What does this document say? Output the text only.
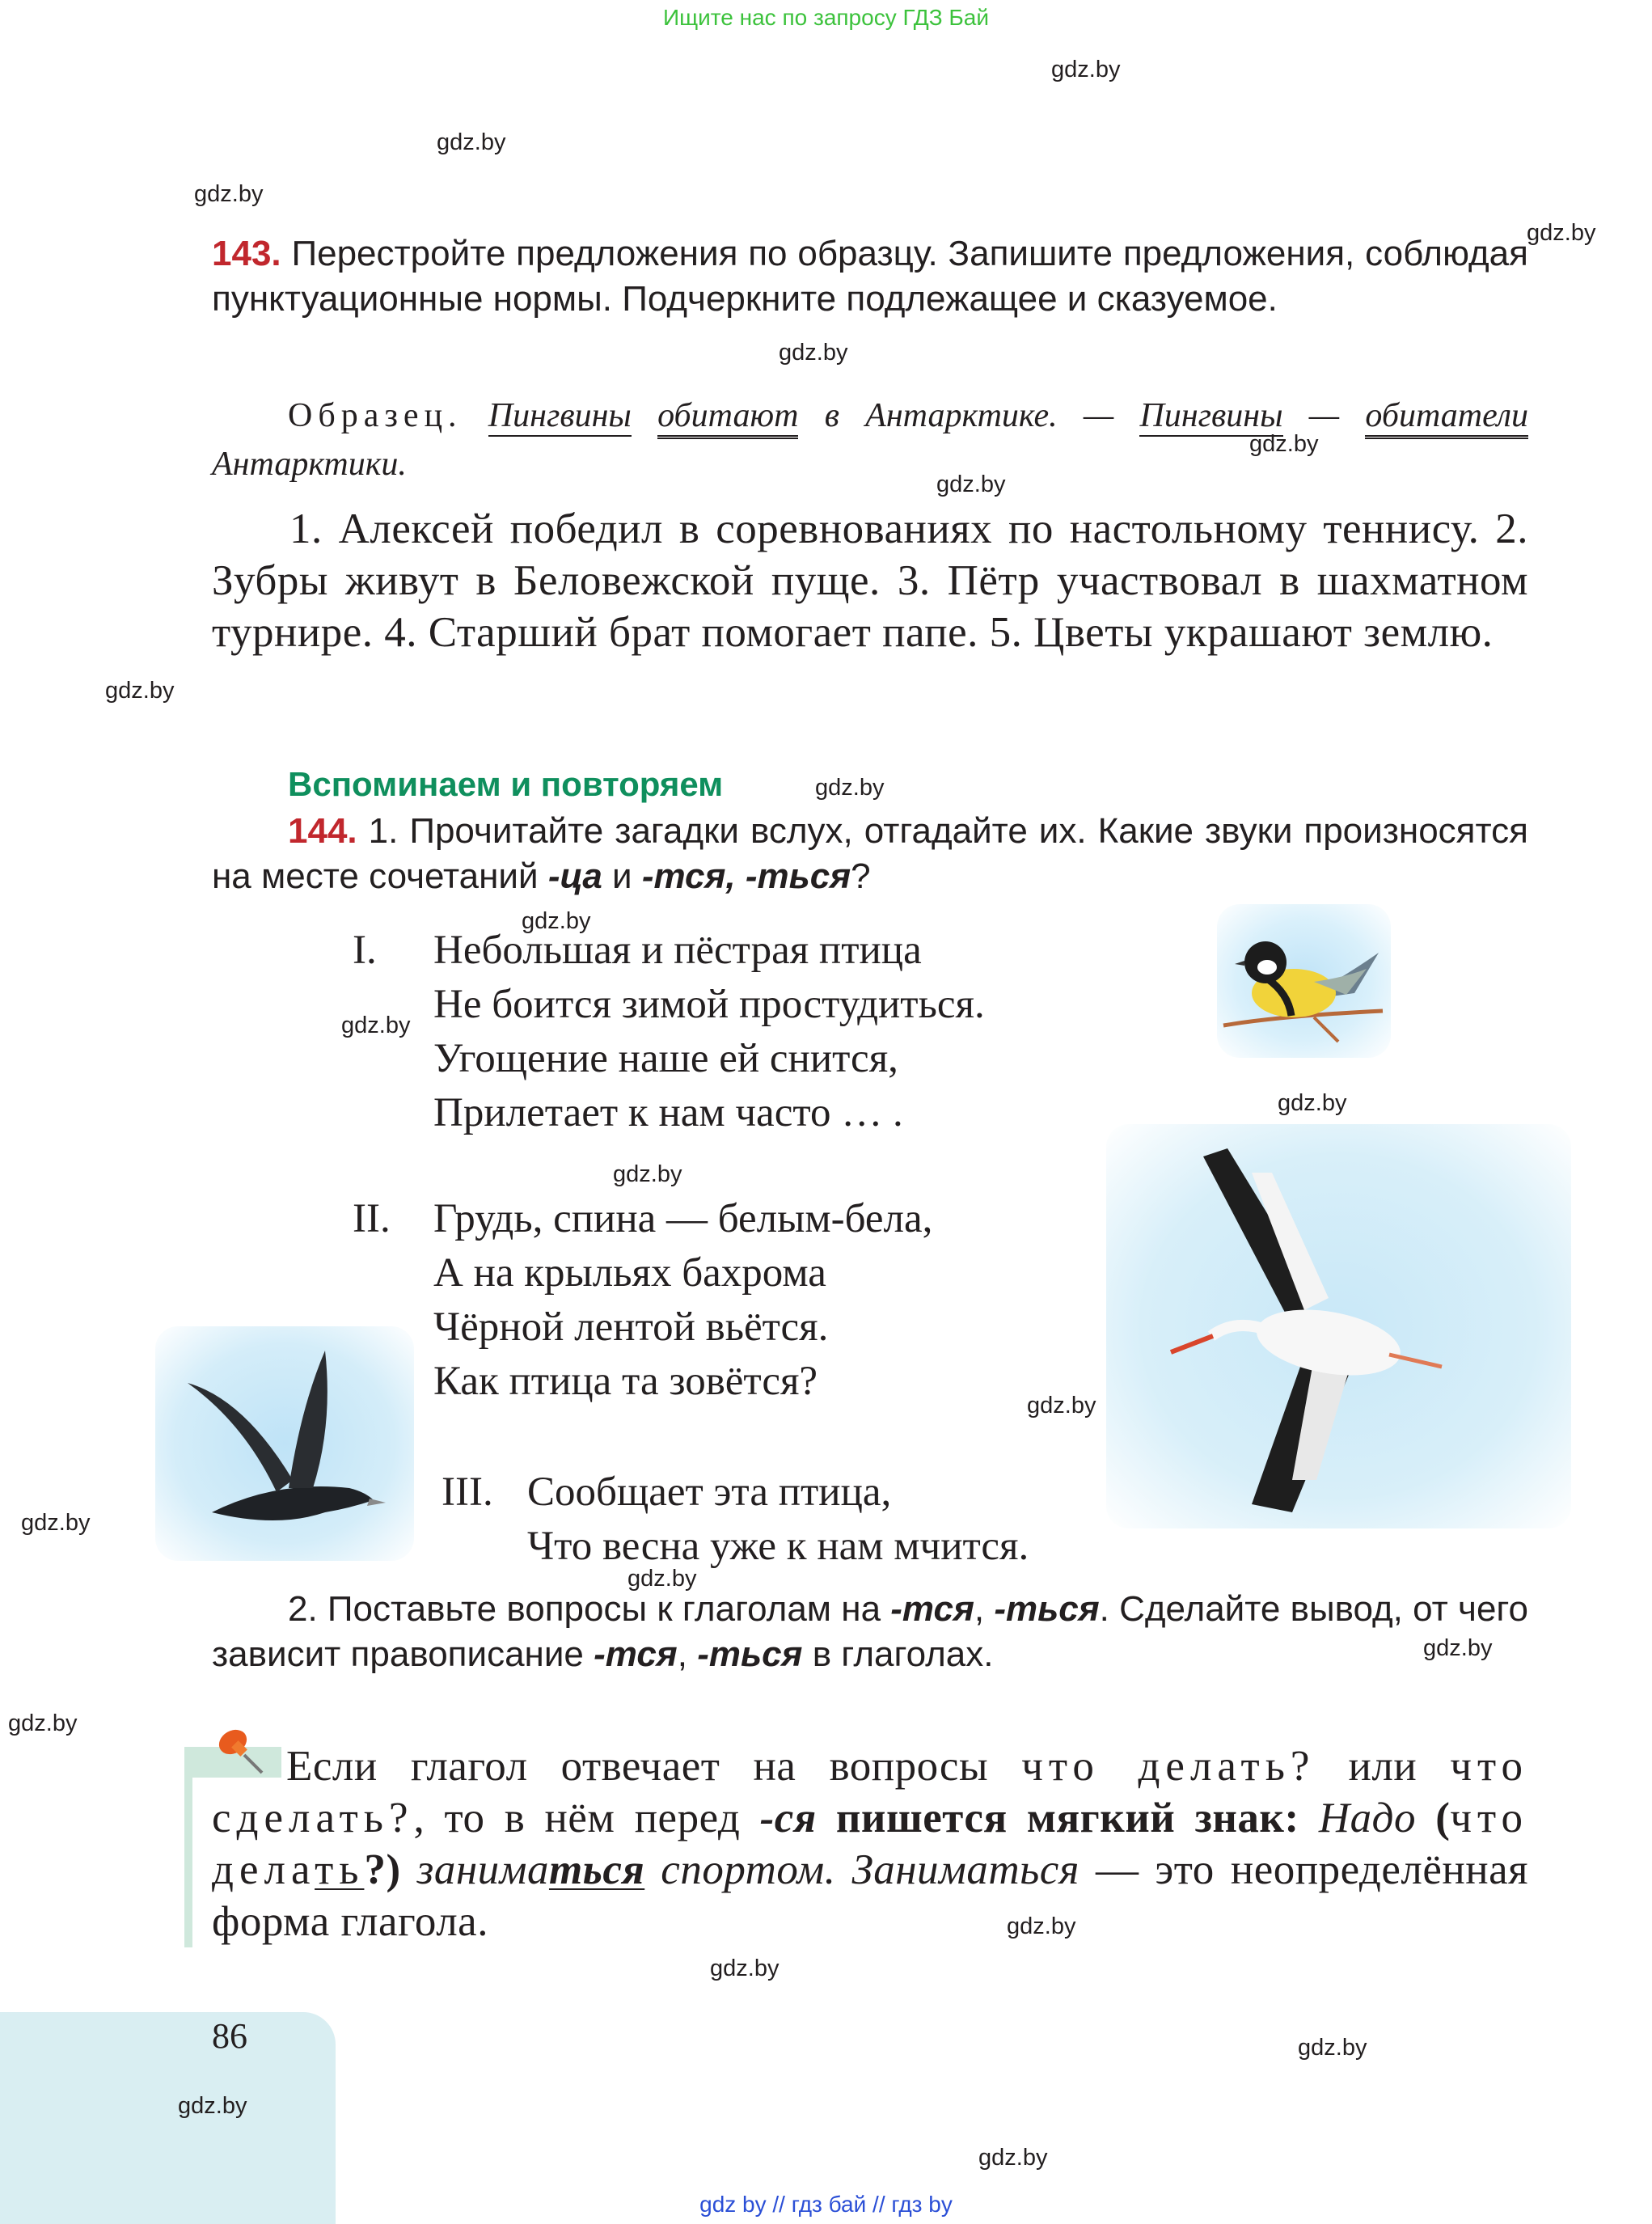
Ищите нас по запросу ГДЗ Бай
gdz by // гдз бай // гдз by
gdz.by
gdz.by
gdz.by
gdz.by
gdz.by
gdz.by
gdz.by
gdz.by
gdz.by
gdz.by
gdz.by
gdz.by
gdz.by
gdz.by
gdz.by
gdz.by
gdz.by
gdz.by
gdz.by
gdz.by
gdz.by
gdz.by
143. Перестройте предложения по образцу. Запишите предложения, соблюдая пунктуационные нормы. Подчеркните подлежащее и сказуемое.
Образец. Пингвины обитают в Антарктике. — Пингвины — обитатели Антарктики.
1. Алексей победил в соревнованиях по настольному теннису. 2. Зубры живут в Беловежской пуще. 3. Пётр участвовал в шахматном турнире. 4. Старший брат помогает папе. 5. Цветы украшают землю.
Вспоминаем и повторяем
144. 1. Прочитайте загадки вслух, отгадайте их. Какие звуки произносятся на месте сочетаний -ца и -тся, -ться?
I. Небольшая и пёстрая птица
Не боится зимой простудиться.
Угощение наше ей снится,
Прилетает к нам часто … .
II. Грудь, спина — белым-бела,
А на крыльях бахрома
Чёрной лентой вьётся.
Как птица та зовётся?
III. Сообщает эта птица,
Что весна уже к нам мчится.
2. Поставьте вопросы к глаголам на -тся, -ться. Сделайте вывод, от чего зависит правописание -тся, -ться в глаголах.
Если глагол отвечает на вопросы что делать? или что сделать?, то в нём перед -ся пишется мягкий знак: Надо (что делать?) заниматься спортом. Заниматься — это неопределённая форма глагола.
86
gdz.by
